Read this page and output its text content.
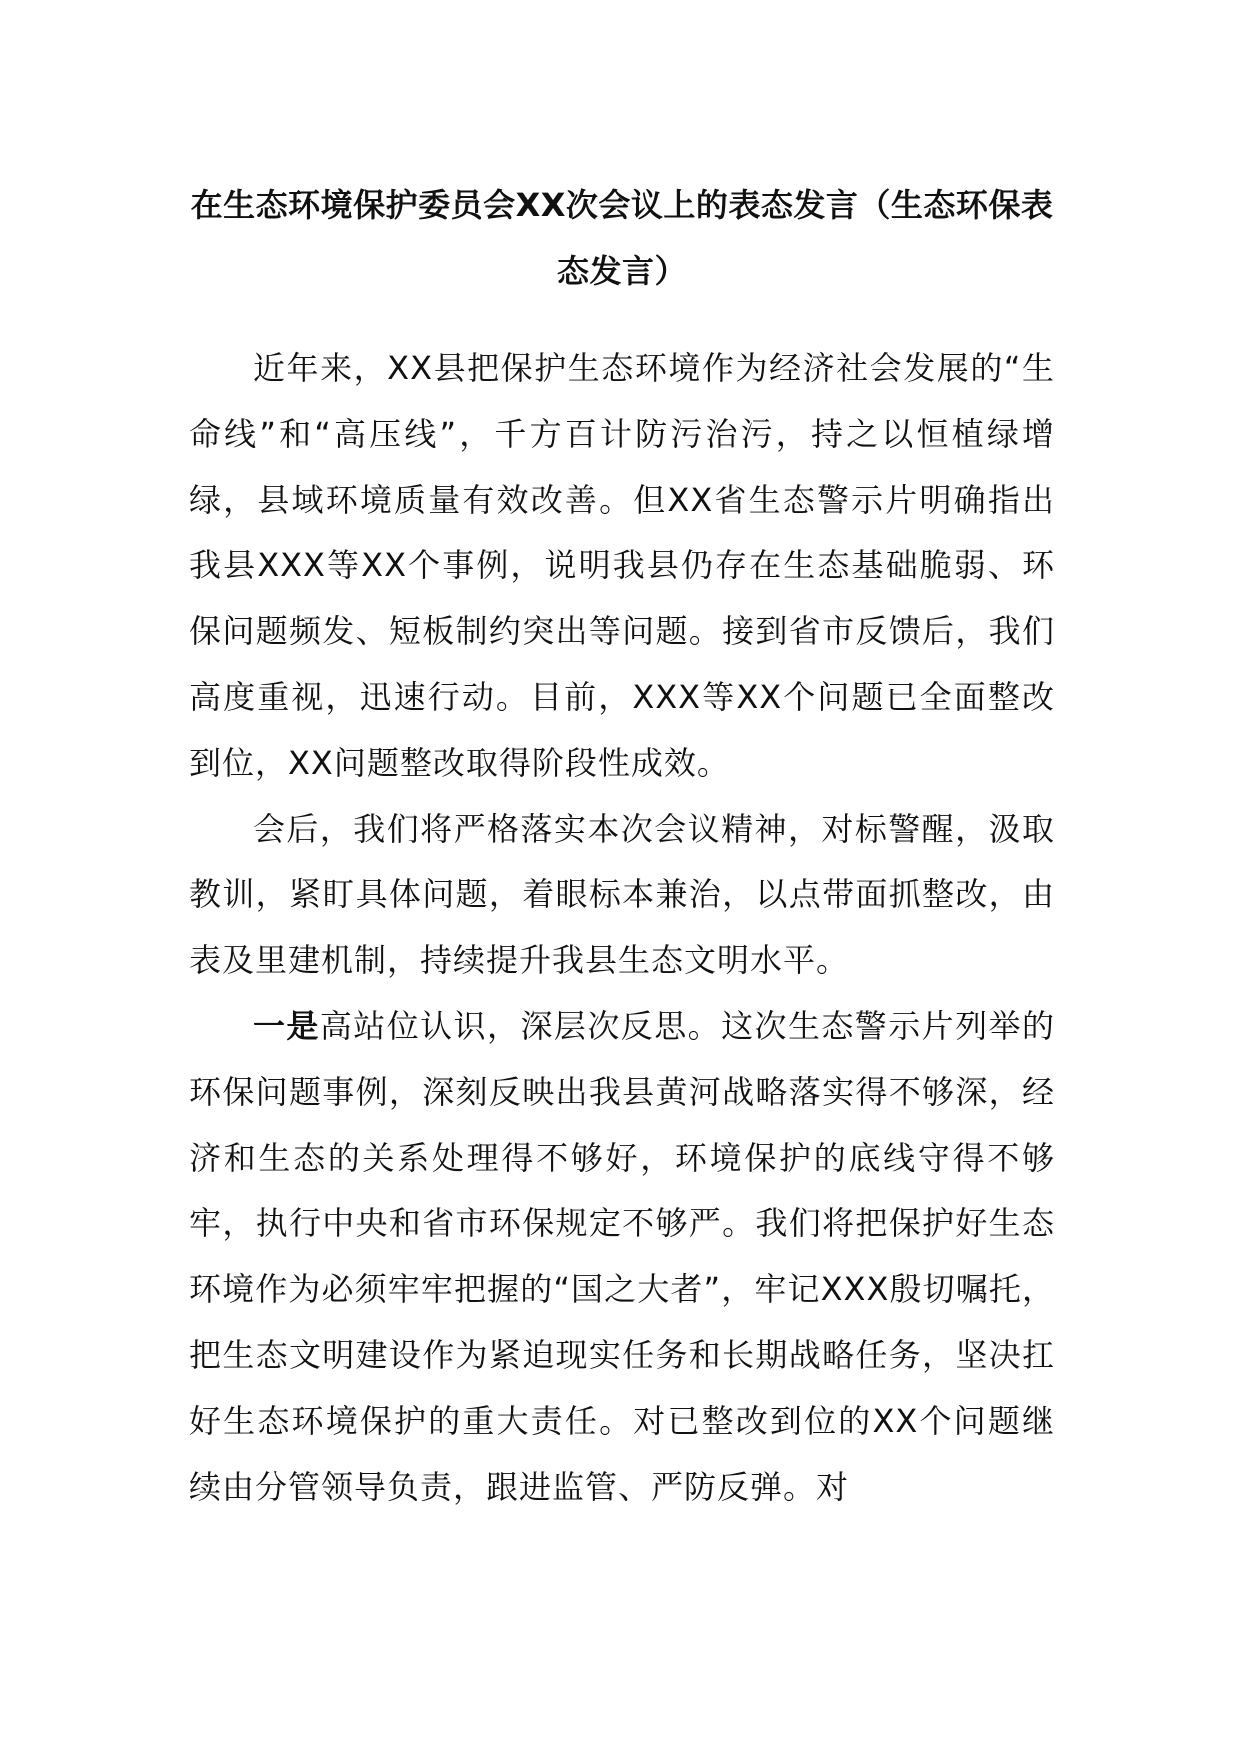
在生态环境保护委员会XX次会议上的表态发言（生态环保表态发言）

近年来，XX县把保护生态环境作为经济社会发展的“生命线”和“高压线”，千方百计防污治污，持之以恒植绿增绿，县域环境质量有效改善。但XX省生态警示片明确指出我县XXX等XX个事例，说明我县仍存在生态基础脆弱、环保问题频发、短板制约突出等问题。接到省市反馈后，我们高度重视，迅速行动。目前，XXX等XX个问题已全面整改到位，XX问题整改取得阶段性成效。

会后，我们将严格落实本次会议精神，对标警醒，汲取教训，紧盯具体问题，着眼标本兼治，以点带面抓整改，由表及里建机制，持续提升我县生态文明水平。

一是高站位认识，深层次反思。这次生态警示片列举的环保问题事例，深刻反映出我县黄河战略落实得不够深，经济和生态的关系处理得不够好，环境保护的底线守得不够牢，执行中央和省市环保规定不够严。我们将把保护好生态环境作为必须牢牢把握的“国之大者”，牢记XXX殷切嘱托，把生态文明建设作为紧迫现实任务和长期战略任务，坚决扛好生态环境保护的重大责任。对已整改到位的XX个问题继续由分管领导负责，跟进监管、严防反弹。对
